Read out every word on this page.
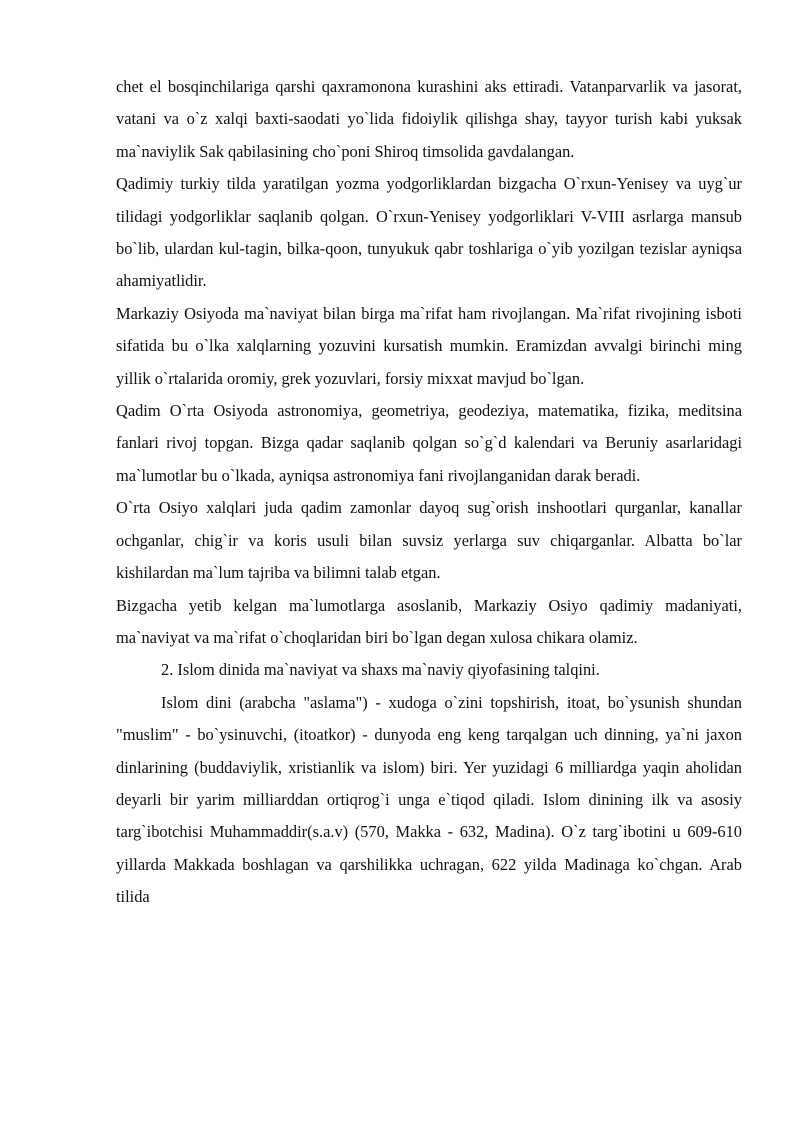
chet el bosqinchilariga qarshi qaxramonona kurashini aks ettiradi. Vatanparvarlik va jasorat, vatani va o`z xalqi baxti-saodati yo`lida fidoiylik qilishga shay, tayyor turish kabi yuksak ma`naviylik Sak qabilasining cho`poni Shiroq timsolida gavdalangan.

Qadimiy turkiy tilda yaratilgan yozma yodgorliklardan bizgacha O`rxun-Yenisey va uyg`ur tilidagi yodgorliklar saqlanib qolgan. O`rxun-Yenisey yodgorliklari V-VIII asrlarga mansub bo`lib, ulardan kul-tagin, bilka-qoon, tunyukuk qabr toshlariga o`yib yozilgan tezislar ayniqsa ahamiyatlidir.

Markaziy Osiyoda ma`naviyat bilan birga ma`rifat ham rivojlangan. Ma`rifat rivojining isboti sifatida bu o`lka xalqlarning yozuvini kursatish mumkin. Eramizdan avvalgi birinchi ming yillik o`rtalarida oromiy, grek yozuvlari, forsiy mixxat mavjud bo`lgan.

Qadim O`rta Osiyoda astronomiya, geometriya, geodeziya, matematika, fizika, meditsina fanlari rivoj topgan. Bizga qadar saqlanib qolgan so`g`d kalendari va Beruniy asarlaridagi ma`lumotlar bu o`lkada, ayniqsa astronomiya fani rivojlanganidan darak beradi.

O`rta Osiyo xalqlari juda qadim zamonlar dayoq sug`orish inshootlari qurganlar, kanallar ochganlar, chig`ir va koris usuli bilan suvsiz yerlarga suv chiqarganlar. Albatta bo`lar kishilardan ma`lum tajriba va bilimni talab etgan.

Bizgacha yetib kelgan ma`lumotlarga asoslanib, Markaziy Osiyo qadimiy madaniyati, ma`naviyat va ma`rifat o`choqlaridan biri bo`lgan degan xulosa chikara olamiz.

2. Islom dinida ma`naviyat va shaxs ma`naviy qiyofasining talqini.

Islom dini (arabcha "aslama") - xudoga o`zini topshirish, itoat, bo`ysunish shundan "muslim" - bo`ysinuvchi, (itoatkor) - dunyoda eng keng tarqalgan uch dinning, ya`ni jaxon dinlarining (buddaviylik, xristianlik va islom) biri. Yer yuzidagi 6 milliardga yaqin aholidan deyarli bir yarim milliarddan ortiqrog`i unga e`tiqod qiladi. Islom dinining ilk va asosiy targ`ibotchisi Muhammaddir(s.a.v) (570, Makka - 632, Madina). O`z targ`ibotini u 609-610 yillarda Makkada boshlagan va qarshilikka uchragan, 622 yilda Madinaga ko`chgan. Arab tilida
